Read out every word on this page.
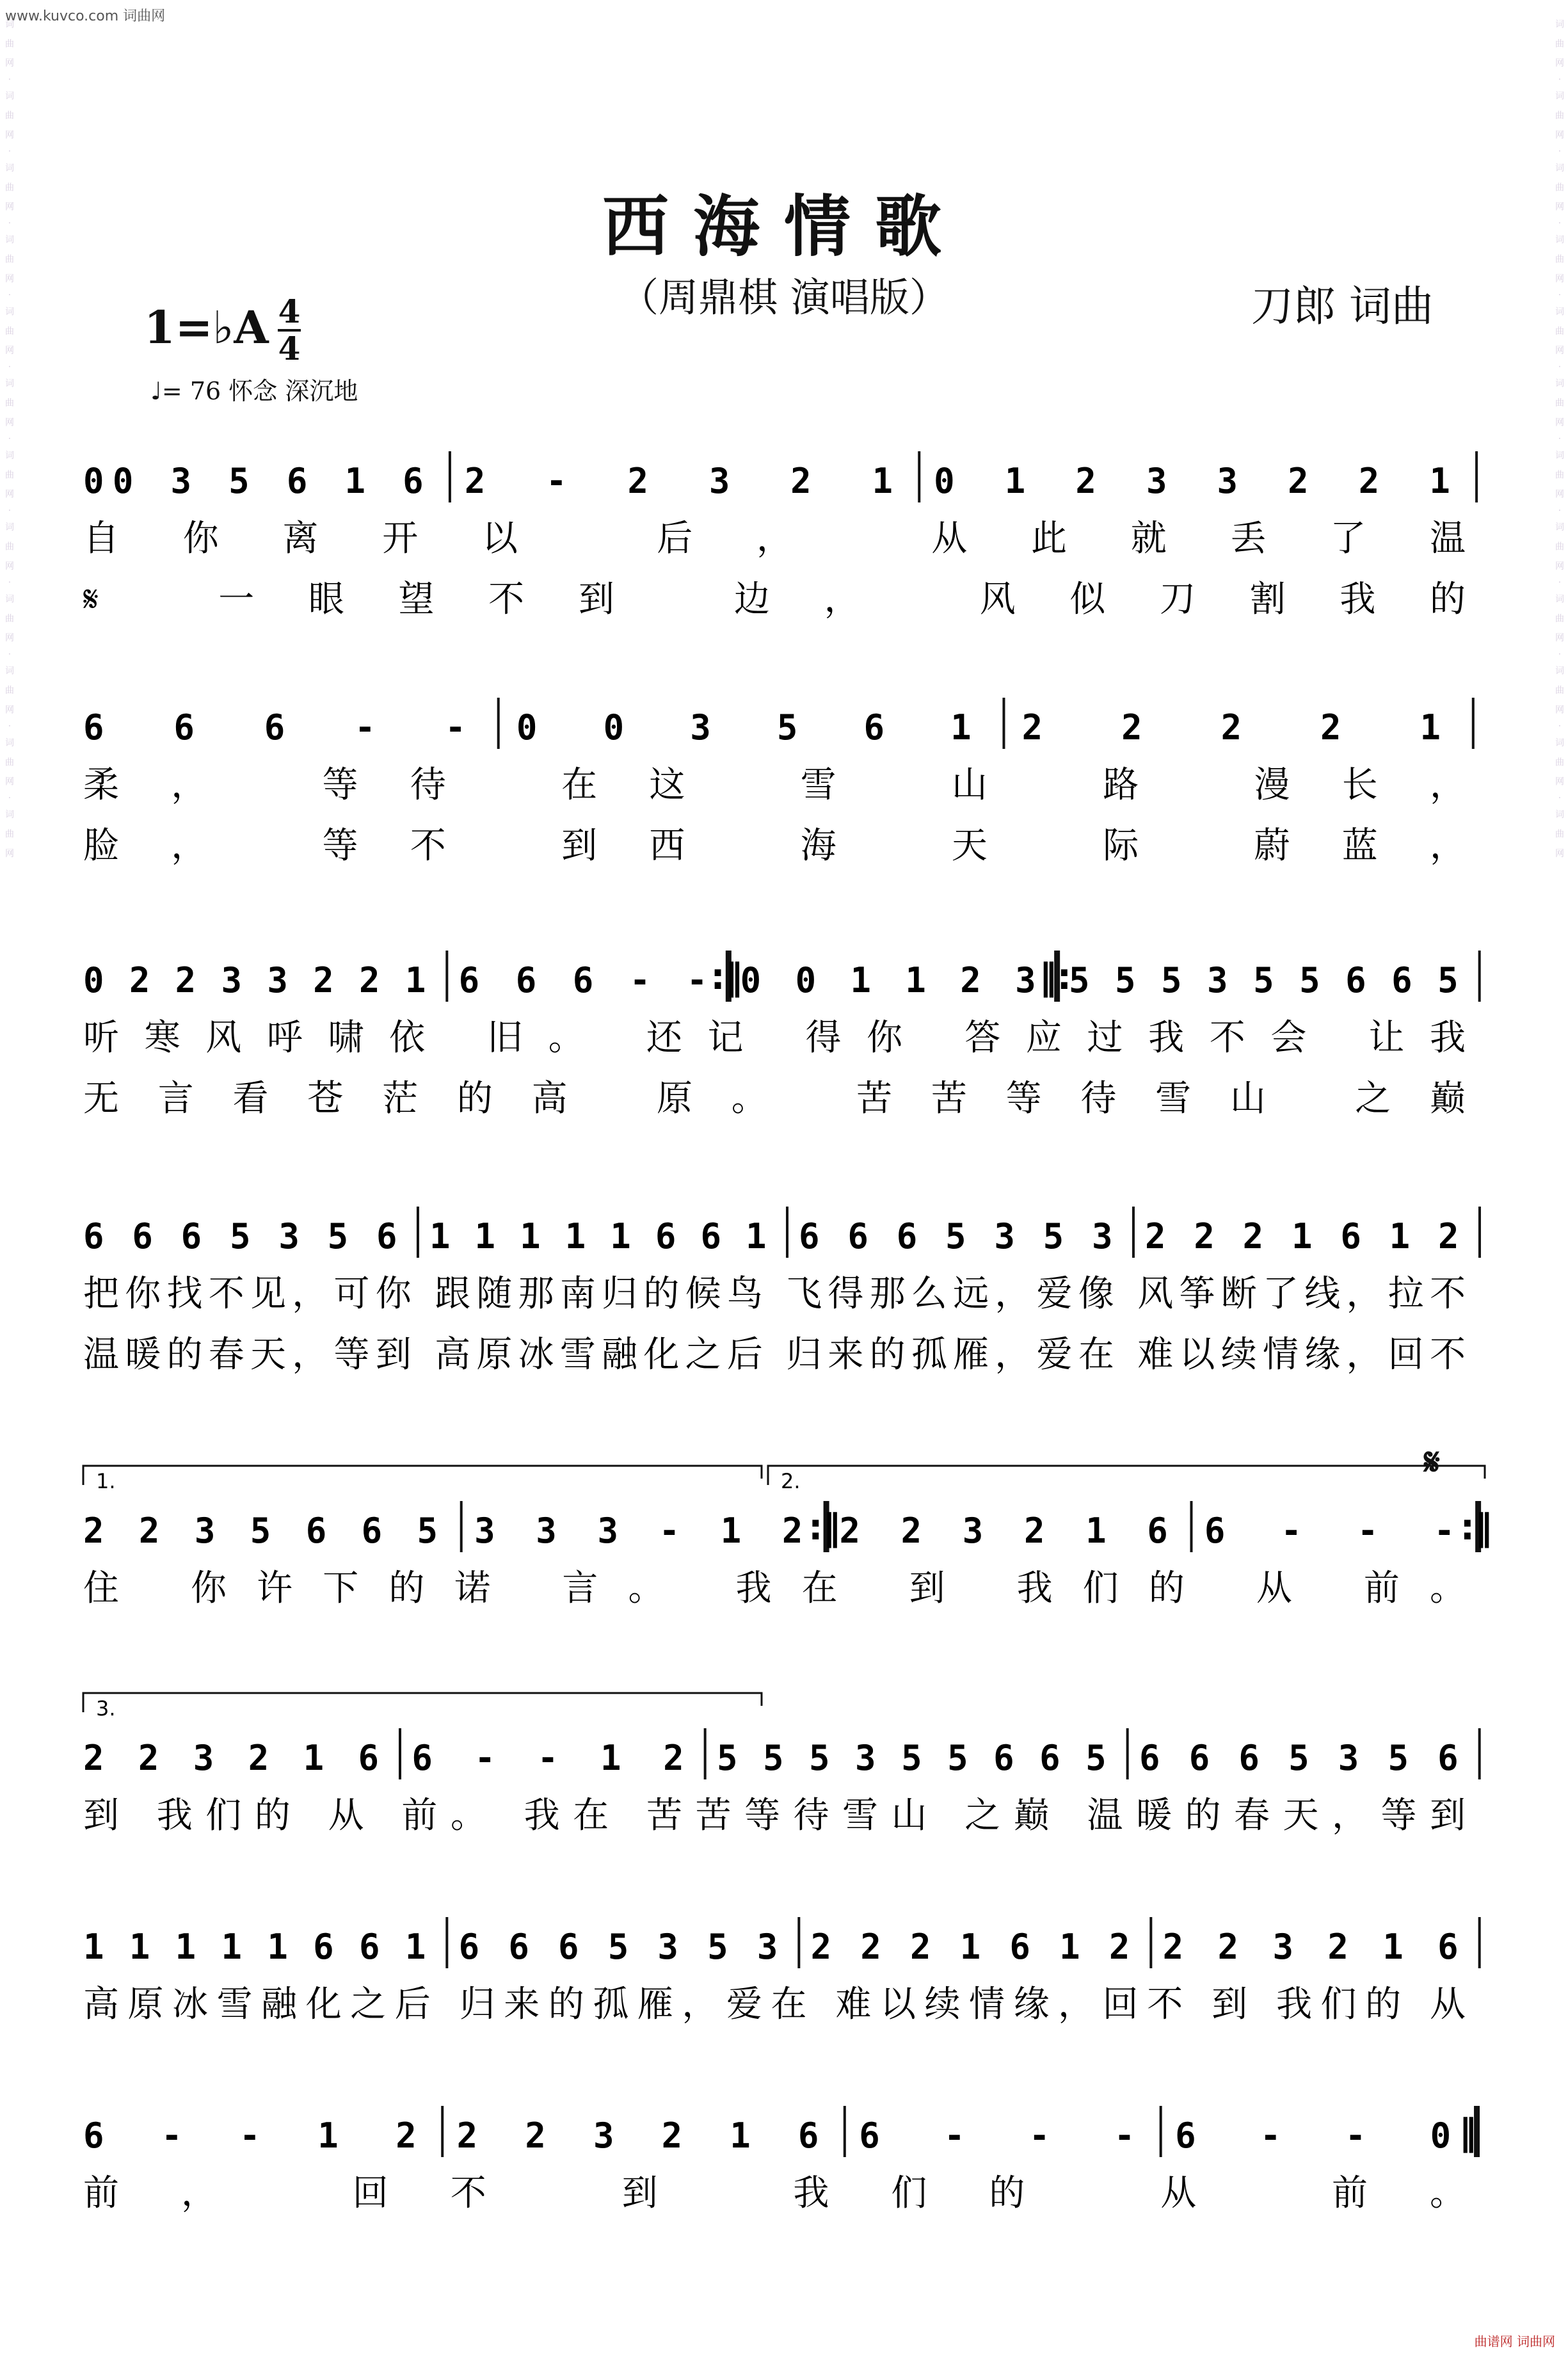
www.kuvco.com 词曲网
词 曲 网 · 词 曲 网 · 词 曲 网 · 词 曲 网 · 词 曲 网 · 词 曲 网 · 词 曲 网 · 词 曲 网 · 词 曲 网 · 词 曲 网 · 词 曲 网 · 词 曲 网	词 曲 网 · 词 曲 网 · 词 曲 网 · 词 曲 网 · 词 曲 网 · 词 曲 网 · 词 曲 网 · 词 曲 网 · 词 曲 网 · 词 曲 网 · 词 曲 网 · 词 曲 网
西海情歌
（周鼎棋 演唱版）	刀郎 词曲
1=♭A 4
4
♩= 76 怀念 深沉地
0 0 3 5 6 1 6 2 - 2 3 2 1 0 1 2 3 3 2 2 1
自你离开以 后， 从此就丢了温
𝄋 一眼望不到 边， 风似刀割我的
6 6 6 - - 0 0 3 5 6 1 2 2 2 2 1
柔， 等待 在这 雪 山 路 漫长，
脸， 等不 到西 海 天 际 蔚蓝，
0 2 2 3 3 2 2 1 6 6 6 - - :‖
0 0 1 1 2 3 ‖:
5 5 5 3 5 5 6 6 5
听寒风呼啸依 旧。 还记 得你 答应过我不会 让我
无言看苍茫的高 原。 苦苦等待雪山 之巅
6 6 6 5 3 5 6 1 1 1 1 1 6 6 1 6 6 6 5 3 5 3 2 2 2 1 6 1 2
把你找不见，可你 跟随那南归的候鸟 飞得那么远，爱像 风筝断了线，拉不
温暖的春天，等到 高原冰雪融化之后 归来的孤雁，爱在 难以续情缘，回不
1.	2.
2 2 3 5 6 6 5 3 3 3 - 1 2 :‖
2 2 3 2 1 6 6 - - - :‖
住 你许下的诺 言。 我在 到 我们的 从 前。
3.
2 2 3 2 1 6 6 - - 1 2 5 5 5 3 5 5 6 6 5 6 6 6 5 3 5 6
到 我们的 从 前。 我在 苦苦等待雪山 之巅 温暖的春天，等到
1 1 1 1 1 6 6 1 6 6 6 5 3 5 3 2 2 2 1 6 1 2 2 2 3 2 1 6
高原冰雪融化之后 归来的孤雁，爱在 难以续情缘，回不 到 我们的 从
6 - - 1 2 2 2 3 2 1 6 6 - - - 6 - - 0 ‖
前， 回不 到 我们的 从 前。
𝄋
曲谱网 词曲网
